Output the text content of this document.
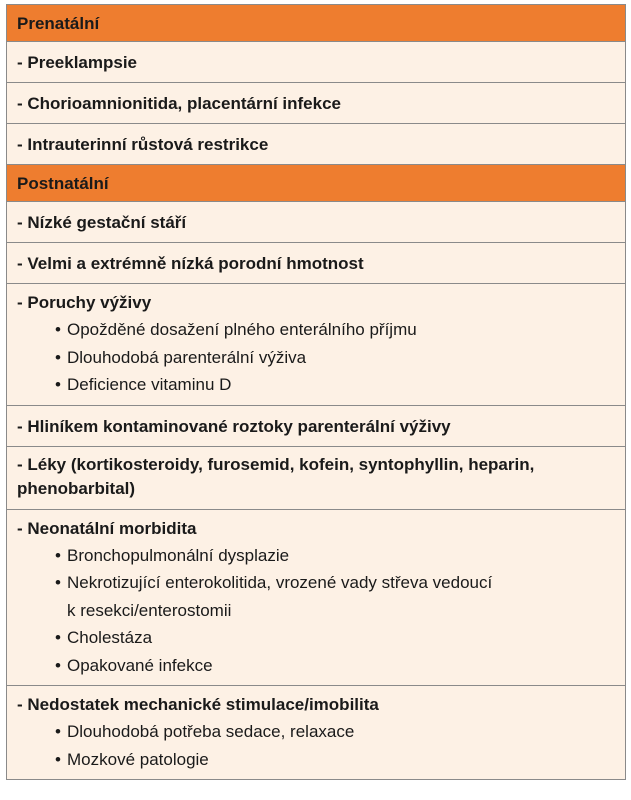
Prenatální
- Preeklampsie
- Chorioamnionitida, placentární infekce
- Intrauterinní růstová restrikce
Postnatální
- Nízké gestační stáří
- Velmi a extrémně nízká porodní hmotnost
- Poruchy výživy
• Opožděné dosažení plného enterálního příjmu
• Dlouhodobá parenterální výživa
• Deficience vitaminu D
- Hliníkem kontaminované roztoky parenterální výživy
- Léky (kortikosteroidy, furosemid, kofein, syntophyllin, heparin,
phenobarbital)
- Neonatální morbidita
• Bronchopulmonální dysplazie
• Nekrotizující enterokolitida, vrozené vady střeva vedoucí
k resekci/enterostomii
• Cholestáza
• Opakované infekce
- Nedostatek mechanické stimulace/imobilita
• Dlouhodobá potřeba sedace, relaxace
• Mozkové patologie
